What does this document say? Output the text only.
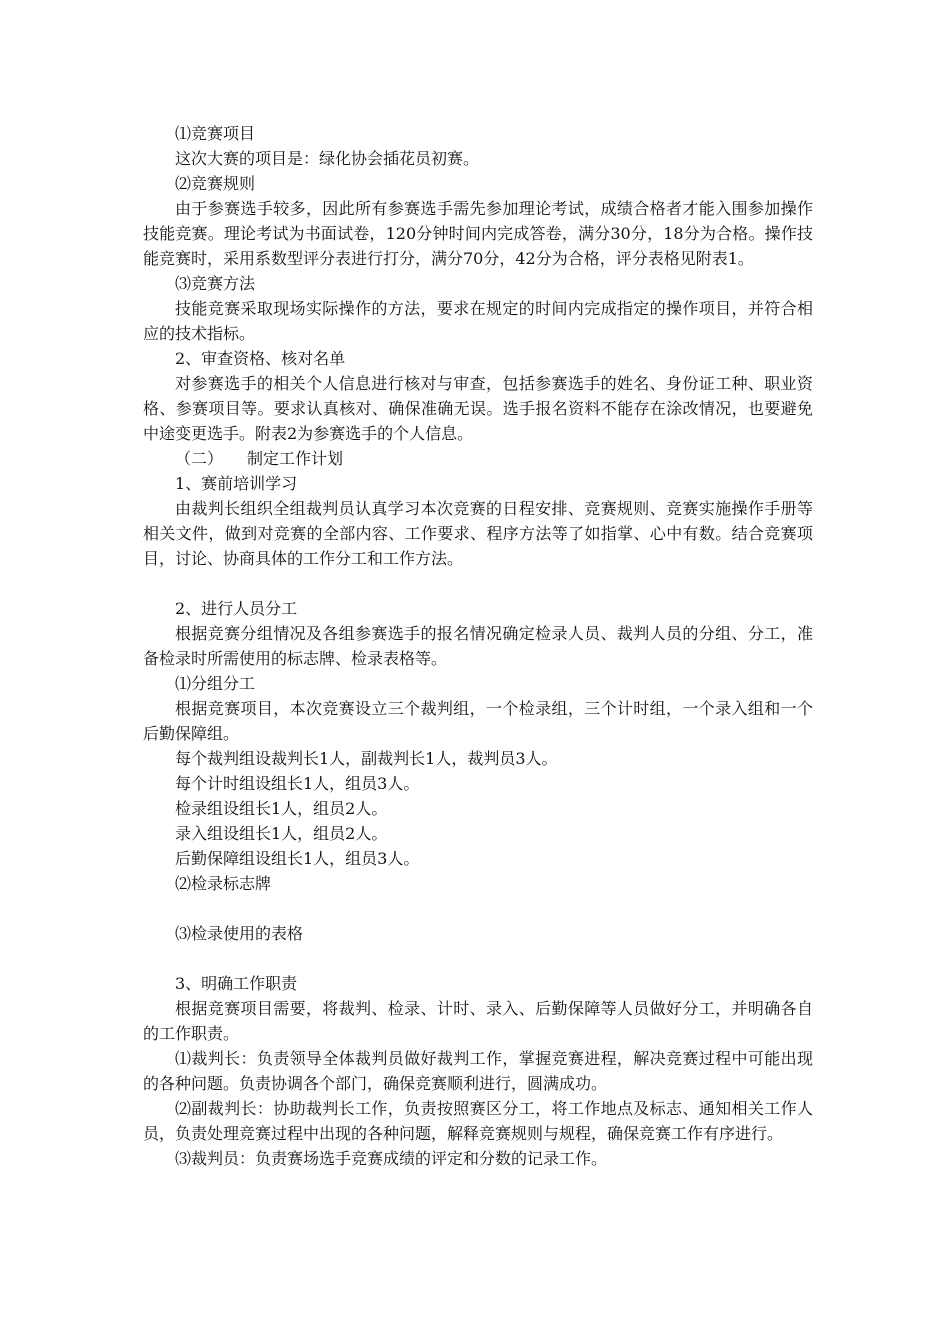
⑴竞赛项目

这次大赛的项目是：绿化协会插花员初赛。

⑵竞赛规则

由于参赛选手较多，因此所有参赛选手需先参加理论考试，成绩合格者才能入围参加操作技能竞赛。理论考试为书面试卷，120分钟时间内完成答卷，满分30分，18分为合格。操作技能竞赛时，采用系数型评分表进行打分，满分70分，42分为合格，评分表格见附表1。

⑶竞赛方法

技能竞赛采取现场实际操作的方法，要求在规定的时间内完成指定的操作项目，并符合相应的技术指标。

2、审查资格、核对名单

对参赛选手的相关个人信息进行核对与审查，包括参赛选手的姓名、身份证工种、职业资格、参赛项目等。要求认真核对、确保准确无误。选手报名资料不能存在涂改情况，也要避免中途变更选手。附表2为参赛选手的个人信息。

（二）　　制定工作计划

1、赛前培训学习

由裁判长组织全组裁判员认真学习本次竞赛的日程安排、竞赛规则、竞赛实施操作手册等相关文件，做到对竞赛的全部内容、工作要求、程序方法等了如指掌、心中有数。结合竞赛项目，讨论、协商具体的工作分工和工作方法。

2、进行人员分工

根据竞赛分组情况及各组参赛选手的报名情况确定检录人员、裁判人员的分组、分工，准备检录时所需使用的标志牌、检录表格等。

⑴分组分工

根据竞赛项目，本次竞赛设立三个裁判组，一个检录组，三个计时组，一个录入组和一个后勤保障组。

每个裁判组设裁判长1人，副裁判长1人，裁判员3人。

每个计时组设组长1人，组员3人。

检录组设组长1人，组员2人。

录入组设组长1人，组员2人。

后勤保障组设组长1人，组员3人。

⑵检录标志牌

⑶检录使用的表格

3、明确工作职责

根据竞赛项目需要，将裁判、检录、计时、录入、后勤保障等人员做好分工，并明确各自的工作职责。

⑴裁判长：负责领导全体裁判员做好裁判工作，掌握竞赛进程，解决竞赛过程中可能出现的各种问题。负责协调各个部门，确保竞赛顺利进行，圆满成功。

⑵副裁判长：协助裁判长工作，负责按照赛区分工，将工作地点及标志、通知相关工作人员，负责处理竞赛过程中出现的各种问题，解释竞赛规则与规程，确保竞赛工作有序进行。

⑶裁判员：负责赛场选手竞赛成绩的评定和分数的记录工作。
